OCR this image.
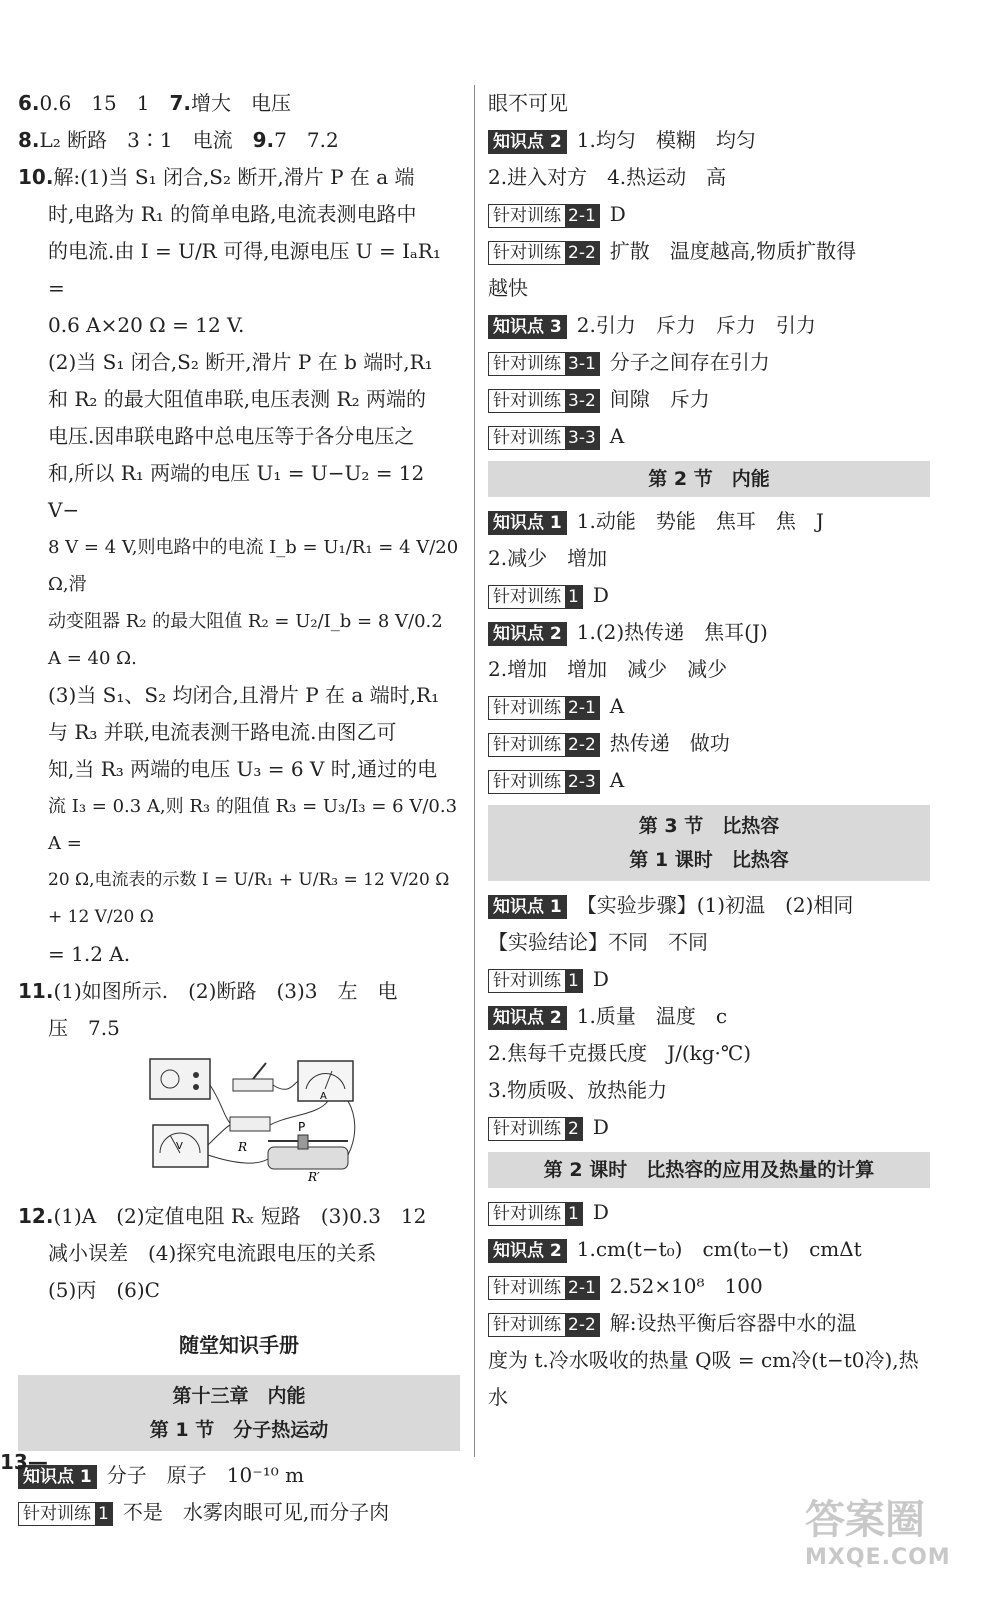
6.0.6　15　1　7.增大　电压

8.L₂ 断路　3∶1　电流　9.7　7.2

10.解:(1)当 S₁ 闭合,S₂ 断开,滑片 P 在 a 端

时,电路为 R₁ 的简单电路,电流表测电路中

的电流.由 I = U/R 可得,电源电压 U = IₐR₁ =

0.6 A×20 Ω = 12 V.

(2)当 S₁ 闭合,S₂ 断开,滑片 P 在 b 端时,R₁

和 R₂ 的最大阻值串联,电压表测 R₂ 两端的

电压.因串联电路中总电压等于各分电压之

和,所以 R₁ 两端的电压 U₁ = U−U₂ = 12 V−

8 V = 4 V,则电路中的电流 I_b = U₁/R₁ = 4 V/20 Ω,滑

动变阻器 R₂ 的最大阻值 R₂ = U₂/I_b = 8 V/0.2 A = 40 Ω.

(3)当 S₁、S₂ 均闭合,且滑片 P 在 a 端时,R₁

与 R₃ 并联,电流表测干路电流.由图乙可

知,当 R₃ 两端的电压 U₃ = 6 V 时,通过的电

流 I₃ = 0.3 A,则 R₃ 的阻值 R₃ = U₃/I₃ = 6 V/0.3 A =

20 Ω,电流表的示数 I = U/R₁ + U/R₃ = 12 V/20 Ω + 12 V/20 Ω

= 1.2 A.

11.(1)如图所示.　(2)断路　(3)3　左　电

压　7.5

A
V	R
P
R′

12.(1)A　(2)定值电阻 Rₓ 短路　(3)0.3　12

减小误差　(4)探究电流跟电压的关系

(5)丙　(6)C

随堂知识手册
第十三章　内能
第 1 节　分子热运动

知识点 1 分子　原子　10⁻¹⁰ m

针对训练 1 不是　水雾肉眼可见,而分子肉

眼不可见

知识点 2 1.均匀　模糊　均匀

2.进入对方　4.热运动　高

针对训练 2-1 D

针对训练 2-2 扩散　温度越高,物质扩散得

越快

知识点 3 2.引力　斥力　斥力　引力

针对训练 3-1 分子之间存在引力

针对训练 3-2 间隙　斥力

针对训练 3-3 A

第 2 节　内能

知识点 1 1.动能　势能　焦耳　焦　J

2.减少　增加

针对训练 1 D

知识点 2 1.(2)热传递　焦耳(J)

2.增加　增加　减少　减少

针对训练 2-1 A

针对训练 2-2 热传递　做功

针对训练 2-3 A

第 3 节　比热容
第 1 课时　比热容

知识点 1 【实验步骤】(1)初温　(2)相同

【实验结论】不同　不同

针对训练 1 D

知识点 2 1.质量　温度　c

2.焦每千克摄氏度　J/(kg·℃)

3.物质吸、放热能力

针对训练 2 D

第 2 课时　比热容的应用及热量的计算

针对训练 1 D

知识点 2 1.cm(t−t₀)　cm(t₀−t)　cmΔt

针对训练 2-1 2.52×10⁸　100

针对训练 2-2 解:设热平衡后容器中水的温

度为 t.冷水吸收的热量 Q吸 = cm冷(t−t0冷),热水

13—
答案圈
MXQE.COM
